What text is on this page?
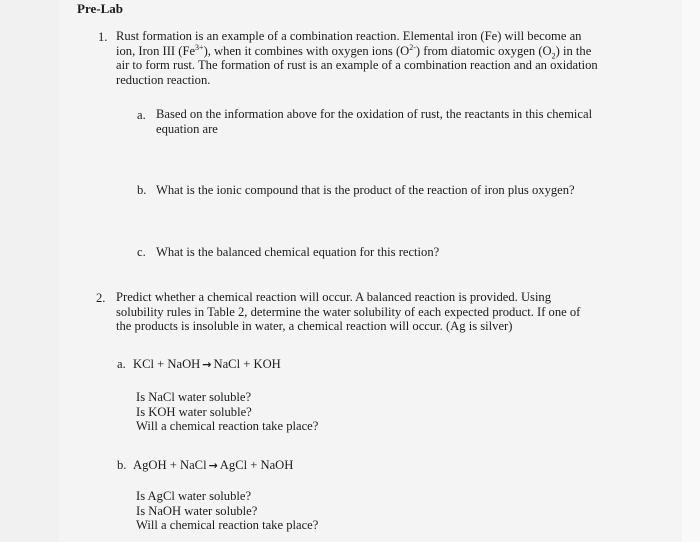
Pre-Lab
1. Rust formation is an example of a combination reaction. Elemental iron (Fe) will become an
ion, Iron III $(Fe^{3+})$, when it combines with oxygen ions $(O^{2-})$ from diatomic oxygen $(O_2)$ in the
air to form rust. The formation of rust is an example of a combination reaction and an oxidation
reduction reaction.
a. Based on the information above for the oxidation of rust, the reactants in this chemical
equation are
b. What is the ionic compound that is the product of the reaction of iron plus oxygen?
c. What is the balanced chemical equation for this rection?
2. Predict whether a chemical reaction will occur. A balanced reaction is provided. Using
solubility rules in Table 2, determine the water solubility of each expected product. If one of
the products is insoluble in water, a chemical reaction will occur. (Ag is silver)
a. KCl + NaOH → NaCl + KOH
Is NaCl water soluble?
Is KOH water soluble?
Will a chemical reaction take place?
b. AgOH + NaCl → AgCl + NaOH
Is AgCl water soluble?
Is NaOH water soluble?
Will a chemical reaction take place?
